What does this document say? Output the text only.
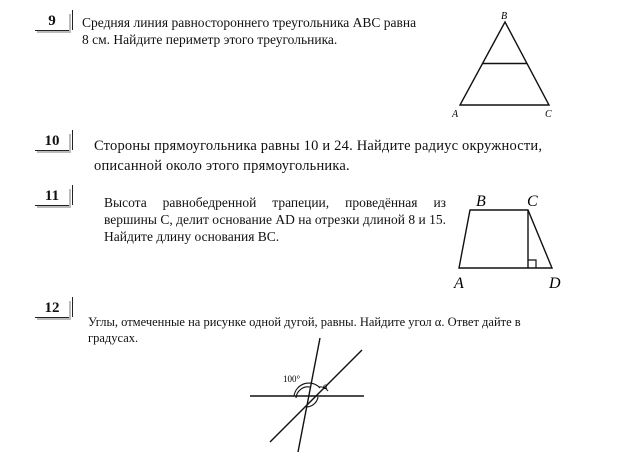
9	Средняя линия равностороннего треугольника ABC равна 8 см. Найдите периметр этого треугольника.
B
A	C
10	Стороны прямоугольника равны 10 и 24. Найдите радиус окружности, описанной около этого прямоугольника.
11	Высота равнобедренной трапеции, проведённая из вершины C, делит основание AD на отрезки длиной 8 и 15. Найдите длину основания BC.
B	C
A	D
12
Углы, отмеченные на рисунке одной дугой, равны. Найдите угол α. Ответ дайте в градусах.
100°
α
